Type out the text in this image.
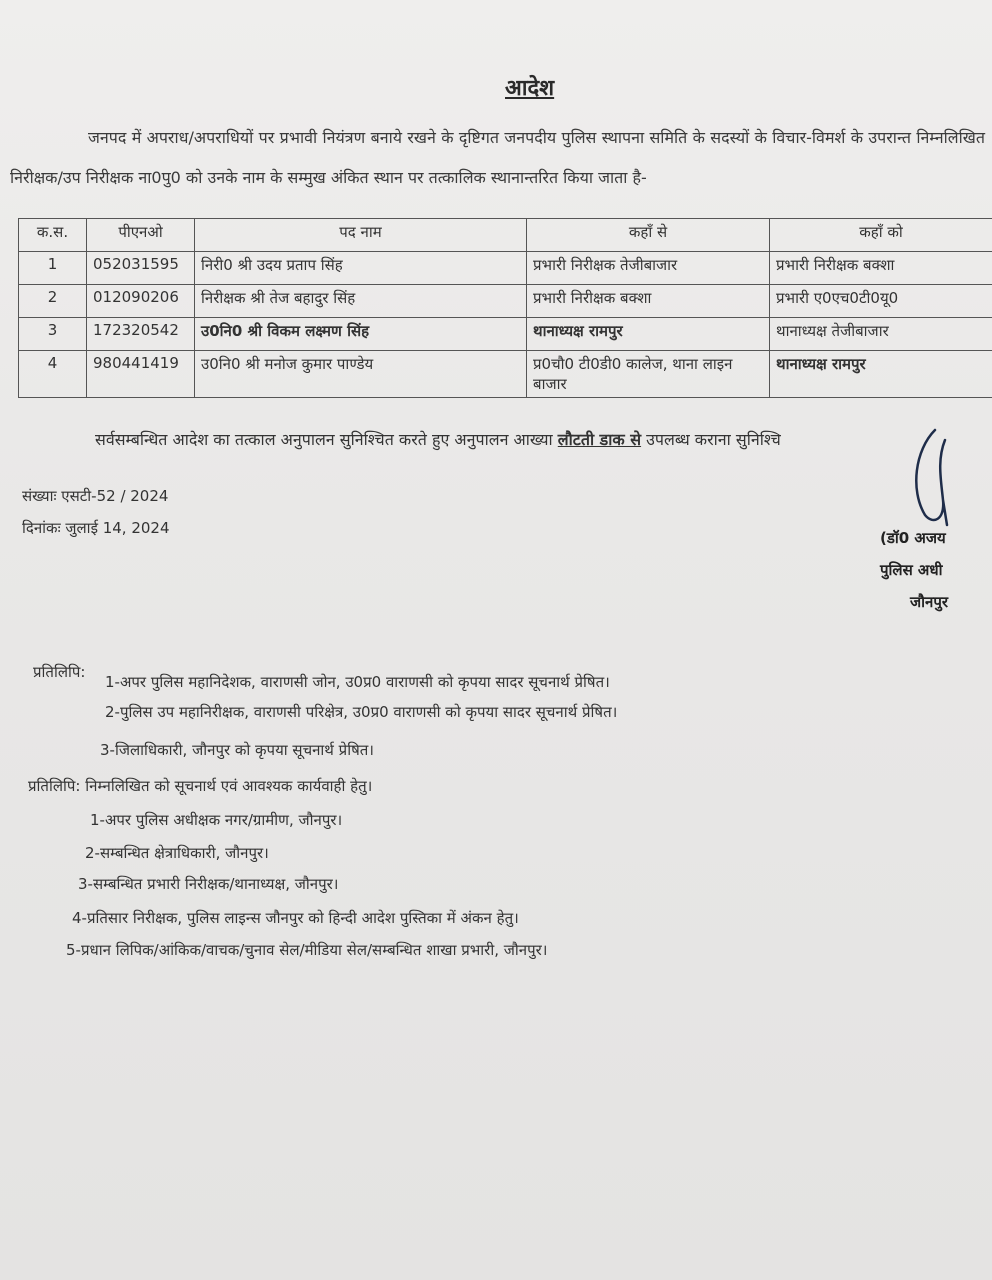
आदेश
जनपद में अपराध/अपराधियों पर प्रभावी नियंत्रण बनाये रखने के दृष्टिगत जनपदीय पुलिस स्थापना समिति के सदस्यों के विचार-विमर्श के उपरान्त निम्नलिखित निरीक्षक/उप निरीक्षक ना0पु0 को उनके नाम के सम्मुख अंकित स्थान पर तत्कालिक स्थानान्तरित किया जाता है-
क.स.	पीएनओ	पद नाम	कहाँ से	कहाँ को
1	052031595	निरी0 श्री उदय प्रताप सिंह	प्रभारी निरीक्षक तेजीबाजार	प्रभारी निरीक्षक बक्शा
2	012090206	निरीक्षक श्री तेज बहादुर सिंह	प्रभारी निरीक्षक बक्शा	प्रभारी ए0एच0टी0यू0
3	172320542	उ0नि0 श्री विकम लक्ष्मण सिंह	थानाध्यक्ष रामपुर	थानाध्यक्ष तेजीबाजार
4	980441419	उ0नि0 श्री मनोज कुमार पाण्डेय	प्र0चौ0 टी0डी0 कालेज, थाना लाइन बाजार	थानाध्यक्ष रामपुर
सर्वसम्बन्धित आदेश का तत्काल अनुपालन सुनिश्चित करते हुए अनुपालन आख्या लौटती डाक से उपलब्ध कराना सुनिश्चि
संख्याः एसटी-52 / 2024
दिनांकः जुलाई 14, 2024
(डॉ0 अजय
पुलिस अधी
जौनपुर
प्रतिलिपि:
1-अपर पुलिस महानिदेशक, वाराणसी जोन, उ0प्र0 वाराणसी को कृपया सादर सूचनार्थ प्रेषित।
2-पुलिस उप महानिरीक्षक, वाराणसी परिक्षेत्र, उ0प्र0 वाराणसी को कृपया सादर सूचनार्थ प्रेषित।
3-जिलाधिकारी, जौनपुर को कृपया सूचनार्थ प्रेषित।
प्रतिलिपि: निम्नलिखित को सूचनार्थ एवं आवश्यक कार्यवाही हेतु।
1-अपर पुलिस अधीक्षक नगर/ग्रामीण, जौनपुर।
2-सम्बन्धित क्षेत्राधिकारी, जौनपुर।
3-सम्बन्धित प्रभारी निरीक्षक/थानाध्यक्ष, जौनपुर।
4-प्रतिसार निरीक्षक, पुलिस लाइन्स जौनपुर को हिन्दी आदेश पुस्तिका में अंकन हेतु।
5-प्रधान लिपिक/आंकिक/वाचक/चुनाव सेल/मीडिया सेल/सम्बन्धित शाखा प्रभारी, जौनपुर।
